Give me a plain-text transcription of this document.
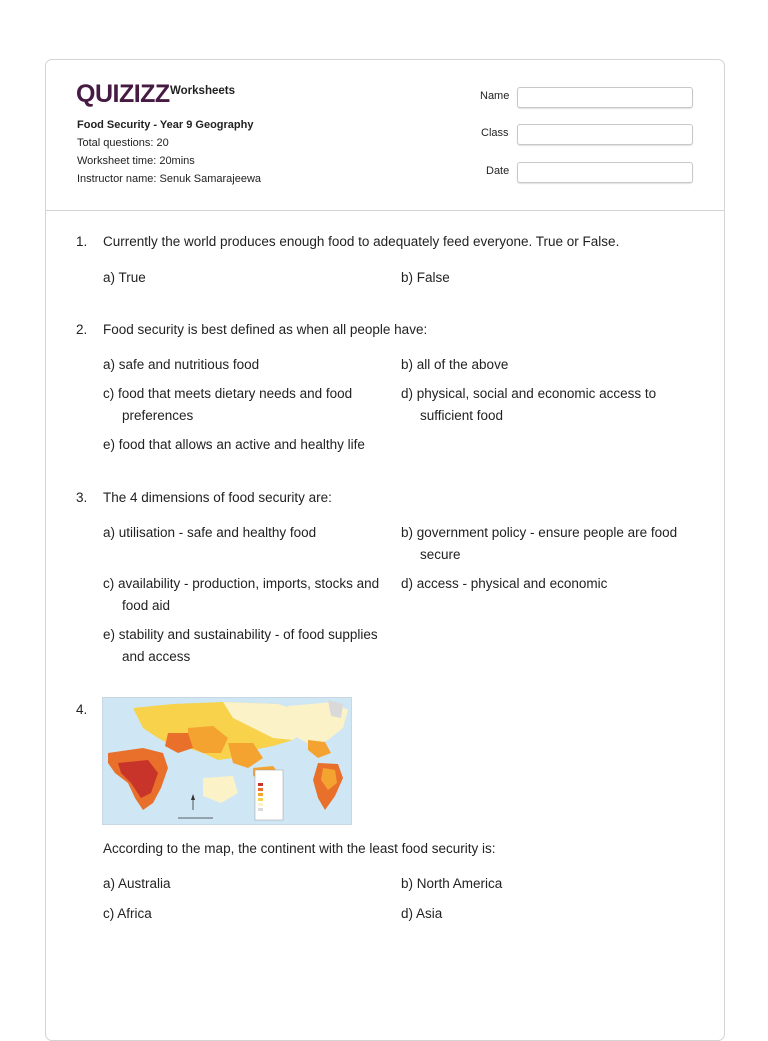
QUIZIZZ Worksheets
Food Security - Year 9 Geography
Total questions: 20
Worksheet time: 20mins
Instructor name: Senuk Samarajeewa
Name
Class
Date
1. Currently the world produces enough food to adequately feed everyone. True or False.
a) True	b) False
2. Food security is best defined as when all people have:
a) safe and nutritious food	b) all of the above
c) food that meets dietary needs and food preferences
d) physical, social and economic access to sufficient food
e) food that allows an active and healthy life
3. The 4 dimensions of food security are:
a) utilisation - safe and healthy food	b) government policy - ensure people are food secure
c) availability - production, imports, stocks and food aid
d) access - physical and economic
e) stability and sustainability - of food supplies and access
4.
According to the map, the continent with the least food security is:
a) Australia	b) North America
c) Africa	d) Asia
